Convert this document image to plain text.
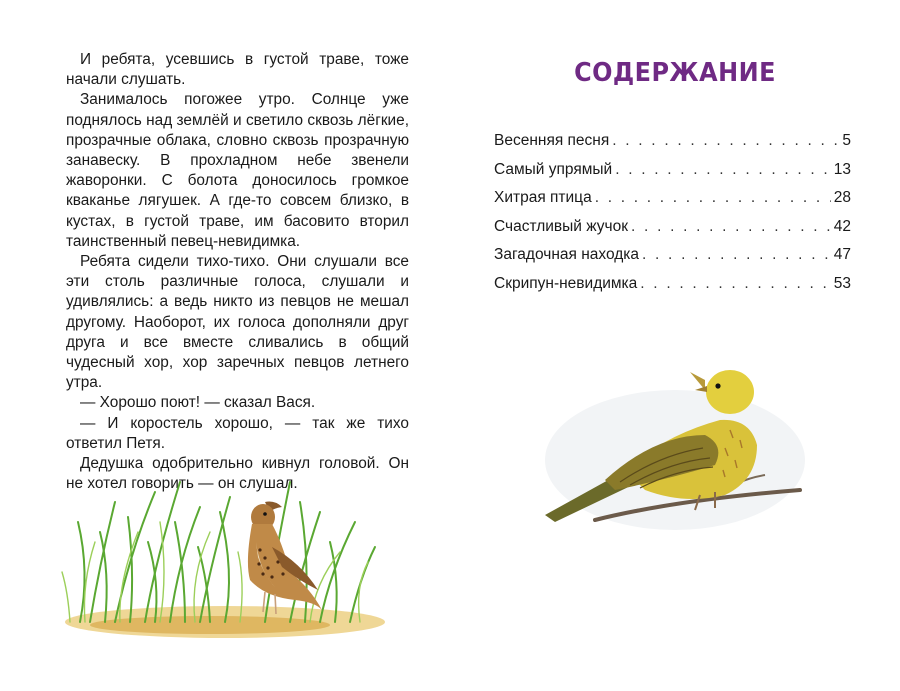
И ребята, усевшись в густой траве, тоже начали слушать.

Занималось погожее утро. Солнце уже поднялось над землёй и светило сквозь лёгкие, прозрачные облака, словно сквозь прозрачную занавеску. В прохладном небе звенели жаворонки. С болота доносилось громкое кваканье лягушек. А где-то совсем близко, в кустах, в густой траве, им басовито вторил таинственный певец-невидимка.

Ребята сидели тихо-тихо. Они слушали все эти столь различные голоса, слушали и удивлялись: а ведь никто из певцов не мешал другому. Наоборот, их голоса дополняли друг друга и все вместе сливались в общий чудесный хор, хор заречных певцов летнего утра.

— Хорошо поют! — сказал Вася.

— И коростель хорошо, — так же тихо ответил Петя.

Дедушка одобрительно кивнул головой. Он не хотел говорить — он слушал.

СОДЕРЖАНИЕ
Весенняя песня . . .	5
Самый упрямый . . .	13
Хитрая птица . . .	28
Счастливый жучок . . .	42
Загадочная находка . . .	47
Скрипун-невидимка . . .	53
